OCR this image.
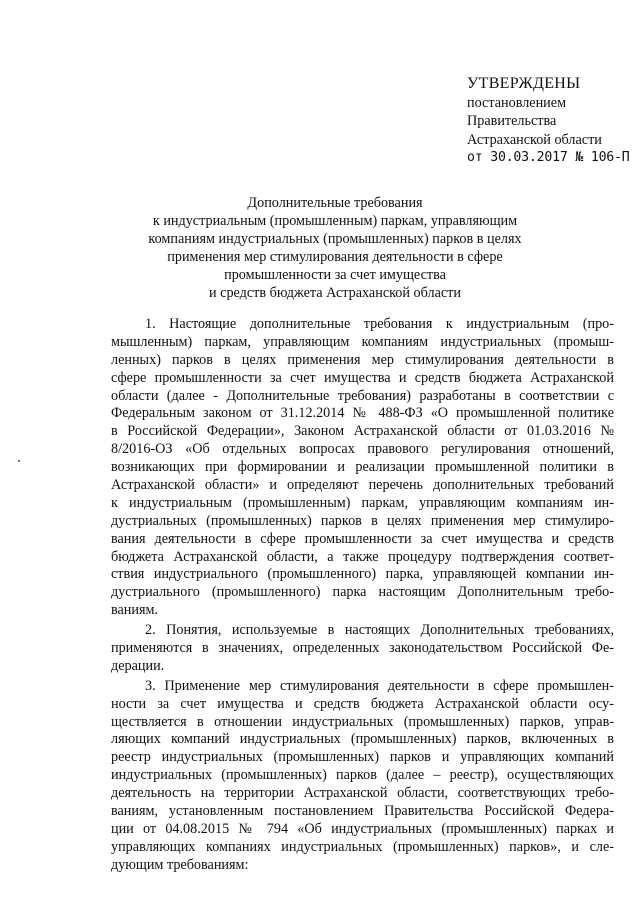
УТВЕРЖДЕНЫ
постановлением
Правительства
Астраханской области
от 30.03.2017 № 106-П
Дополнительные требования
к индустриальным (промышленным) паркам, управляющим
компаниям индустриальных (промышленных) парков в целях
применения мер стимулирования деятельности в сфере
промышленности за счет имущества
и средств бюджета Астраханской области
1. Настоящие дополнительные требования к индустриальным (про-
мышленным) паркам, управляющим компаниям индустриальных (промыш-
ленных) парков в целях применения мер стимулирования деятельности в
сфере промышленности за счет имущества и средств бюджета Астраханской
области (далее - Дополнительные требования) разработаны в соответствии с
Федеральным законом от 31.12.2014 № 488-ФЗ «О промышленной политике
в Российской Федерации», Законом Астраханской области от 01.03.2016 №
8/2016-ОЗ «Об отдельных вопросах правового регулирования отношений,
возникающих при формировании и реализации промышленной политики в
Астраханской области» и определяют перечень дополнительных требований
к индустриальным (промышленным) паркам, управляющим компаниям ин-
дустриальных (промышленных) парков в целях применения мер стимулиро-
вания деятельности в сфере промышленности за счет имущества и средств
бюджета Астраханской области, а также процедуру подтверждения соответ-
ствия индустриального (промышленного) парка, управляющей компании ин-
дустриального (промышленного) парка настоящим Дополнительным требо-
ваниям.
2. Понятия, используемые в настоящих Дополнительных требованиях,
применяются в значениях, определенных законодательством Российской Фе-
дерации.
3. Применение мер стимулирования деятельности в сфере промышлен-
ности за счет имущества и средств бюджета Астраханской области осу-
ществляется в отношении индустриальных (промышленных) парков, управ-
ляющих компаний индустриальных (промышленных) парков, включенных в
реестр индустриальных (промышленных) парков и управляющих компаний
индустриальных (промышленных) парков (далее – реестр), осуществляющих
деятельность на территории Астраханской области, соответствующих требо-
ваниям, установленным постановлением Правительства Российской Федера-
ции от 04.08.2015 № 794 «Об индустриальных (промышленных) парках и
управляющих компаниях индустриальных (промышленных) парков», и сле-
дующим требованиям:
